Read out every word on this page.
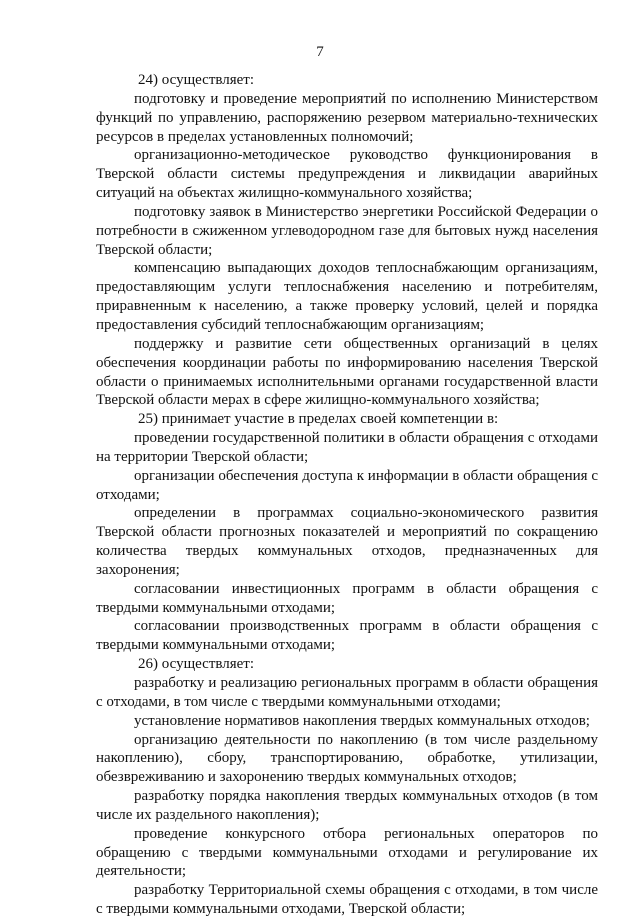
7

24) осуществляет:

подготовку и проведение мероприятий по исполнению Министерством функций по управлению, распоряжению резервом материально-технических ресурсов в пределах установленных полномочий;

организационно-методическое руководство функционирования в Тверской области системы предупреждения и ликвидации аварийных ситуаций на объектах жилищно-коммунального хозяйства;

подготовку заявок в Министерство энергетики Российской Федерации о потребности в сжиженном углеводородном газе для бытовых нужд населения Тверской области;

компенсацию выпадающих доходов теплоснабжающим организациям, предоставляющим услуги теплоснабжения населению и потребителям, приравненным к населению, а также проверку условий, целей и порядка предоставления субсидий теплоснабжающим организациям;

поддержку и развитие сети общественных организаций в целях обеспечения координации работы по информированию населения Тверской области о принимаемых исполнительными органами государственной власти Тверской области мерах в сфере жилищно-коммунального хозяйства;

25) принимает участие в пределах своей компетенции в:

проведении государственной политики в области обращения с отходами на территории Тверской области;

организации обеспечения доступа к информации в области обращения с отходами;

определении в программах социально-экономического развития Тверской области прогнозных показателей и мероприятий по сокращению количества твердых коммунальных отходов, предназначенных для захоронения;

согласовании инвестиционных программ в области обращения с твердыми коммунальными отходами;

согласовании производственных программ в области обращения с твердыми коммунальными отходами;

26) осуществляет:

разработку и реализацию региональных программ в области обращения с отходами, в том числе с твердыми коммунальными отходами;

установление нормативов накопления твердых коммунальных отходов;

организацию деятельности по накоплению (в том числе раздельному накоплению), сбору, транспортированию, обработке, утилизации, обезвреживанию и захоронению твердых коммунальных отходов;

разработку порядка накопления твердых коммунальных отходов (в том числе их раздельного накопления);

проведение конкурсного отбора региональных операторов по обращению с твердыми коммунальными отходами и регулирование их деятельности;

разработку Территориальной схемы обращения с отходами, в том числе с твердыми коммунальными отходами, Тверской области;
